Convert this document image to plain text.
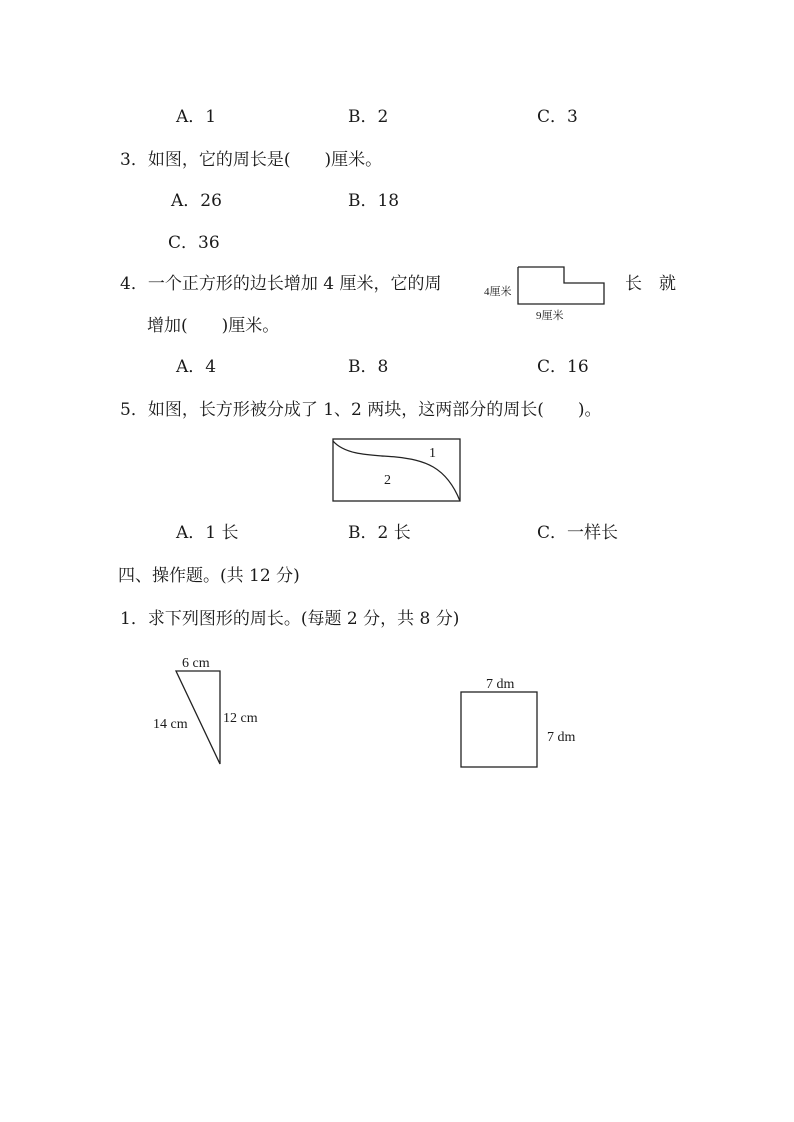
A．1	B．2	C．3
3．如图，它的周长是(　　)厘米。
A．26	B．18
C．36
4厘米
9厘米
4．一个正方形的边长增加 4 厘米，它的周	长　就
增加(　　)厘米。
A．4	B．8	C．16
5．如图，长方形被分成了 1、2 两块，这两部分的周长(　　)。
1
2
A．1 长	B．2 长	C．一样长
四、操作题。(共 12 分)
1．求下列图形的周长。(每题 2 分，共 8 分)
6 cm
14 cm	12 cm
7 dm
7 dm
